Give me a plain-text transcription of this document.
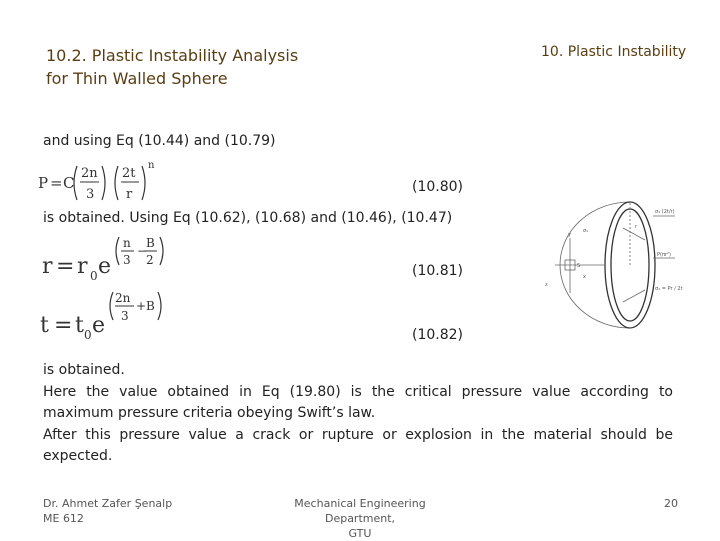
10.2. Plastic Instability Analysis
for Thin Walled Sphere
10. Plastic Instability
and using Eq (10.44) and (10.79)
P = C
2n
3
2t
r
n
(10.80)
is obtained. Using Eq (10.62), (10.68) and (10.46), (10.47)
r = r 0 e
n
3
−
B
2
(10.81)
t = t 0 e
2n
3
+B
(10.82)
σ₁ (2t/r)
P(πr²)
σ₁ = Pr / 2t
S
y
z
x
r
σ₁
is obtained.
Here the value obtained in Eq (19.80) is the critical pressure value according to maximum pressure criteria obeying Swift’s law.
After this pressure value a crack or rupture or explosion in the material should be expected.
Dr. Ahmet Zafer Şenalp
ME 612
Mechanical Engineering Department,
GTU
20
